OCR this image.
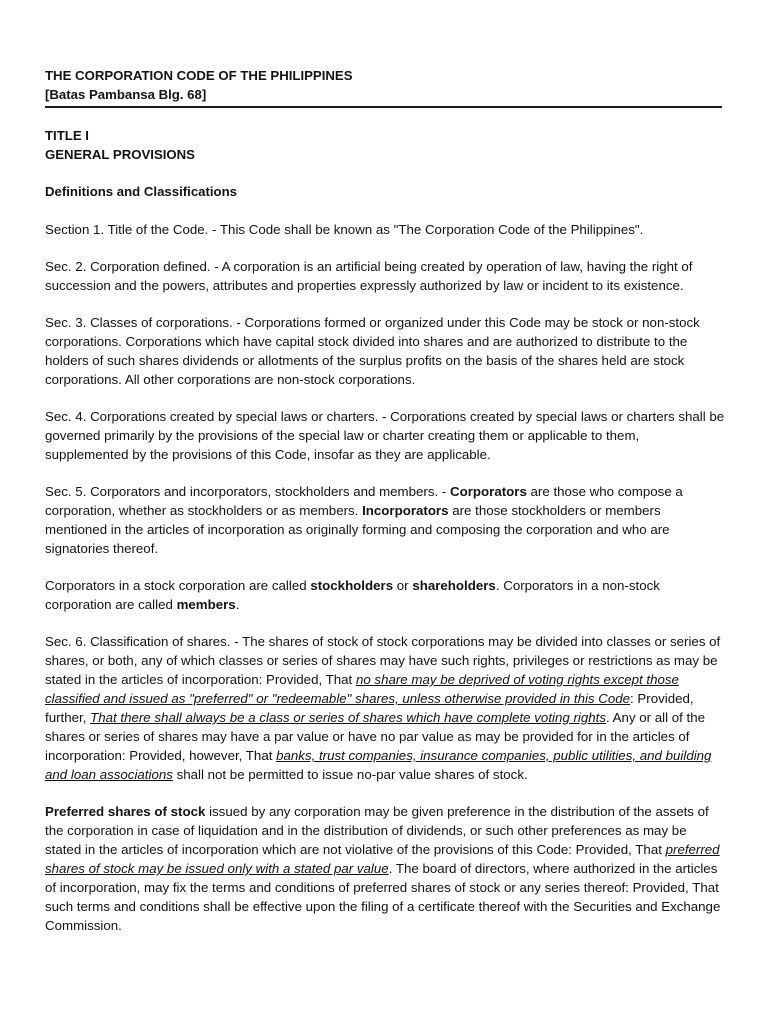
THE CORPORATION CODE OF THE PHILIPPINES
[Batas Pambansa Blg. 68]
TITLE I
GENERAL PROVISIONS
Definitions and Classifications

Section 1. Title of the Code. - This Code shall be known as "The Corporation Code of the Philippines".

Sec. 2. Corporation defined. - A corporation is an artificial being created by operation of law, having the right of succession and the powers, attributes and properties expressly authorized by law or incident to its existence.

Sec. 3. Classes of corporations. - Corporations formed or organized under this Code may be stock or non-stock corporations. Corporations which have capital stock divided into shares and are authorized to distribute to the holders of such shares dividends or allotments of the surplus profits on the basis of the shares held are stock corporations. All other corporations are non-stock corporations.

Sec. 4. Corporations created by special laws or charters. - Corporations created by special laws or charters shall be governed primarily by the provisions of the special law or charter creating them or applicable to them, supplemented by the provisions of this Code, insofar as they are applicable.

Sec. 5. Corporators and incorporators, stockholders and members. - Corporators are those who compose a corporation, whether as stockholders or as members. Incorporators are those stockholders or members mentioned in the articles of incorporation as originally forming and composing the corporation and who are signatories thereof.

Corporators in a stock corporation are called stockholders or shareholders. Corporators in a non-stock corporation are called members.

Sec. 6. Classification of shares. - The shares of stock of stock corporations may be divided into classes or series of shares, or both, any of which classes or series of shares may have such rights, privileges or restrictions as may be stated in the articles of incorporation: Provided, That no share may be deprived of voting rights except those classified and issued as "preferred" or "redeemable" shares, unless otherwise provided in this Code: Provided, further, That there shall always be a class or series of shares which have complete voting rights. Any or all of the shares or series of shares may have a par value or have no par value as may be provided for in the articles of incorporation: Provided, however, That banks, trust companies, insurance companies, public utilities, and building and loan associations shall not be permitted to issue no-par value shares of stock.

Preferred shares of stock issued by any corporation may be given preference in the distribution of the assets of the corporation in case of liquidation and in the distribution of dividends, or such other preferences as may be stated in the articles of incorporation which are not violative of the provisions of this Code: Provided, That preferred shares of stock may be issued only with a stated par value. The board of directors, where authorized in the articles of incorporation, may fix the terms and conditions of preferred shares of stock or any series thereof: Provided, That such terms and conditions shall be effective upon the filing of a certificate thereof with the Securities and Exchange Commission.
